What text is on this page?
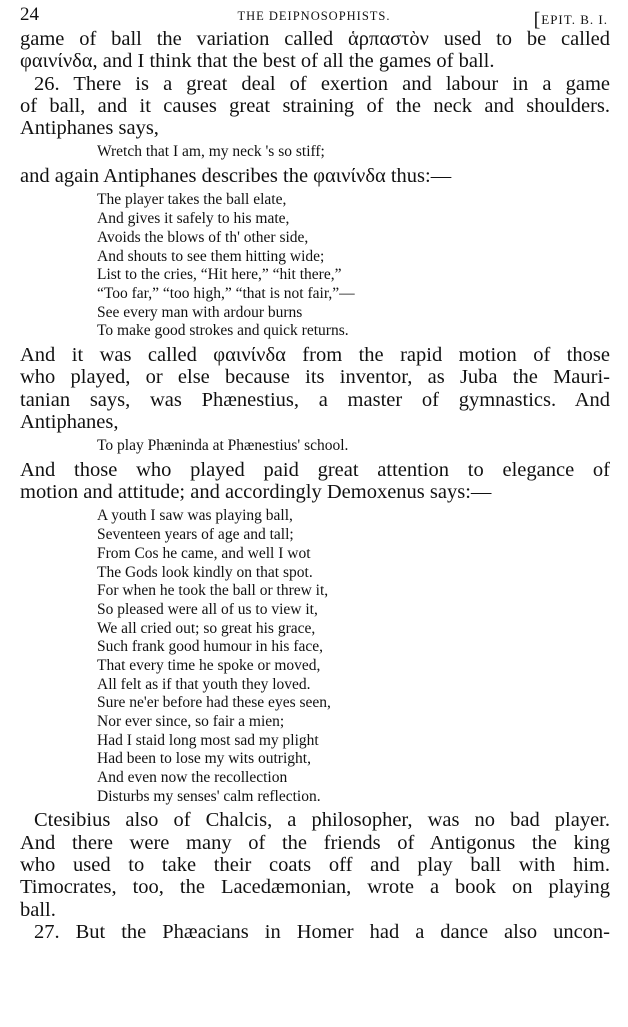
24	THE DEIPNOSOPHISTS.	[EPIT. B. I.
game of ball the variation called ἁρπαστὸν used to be called
φαινίνδα, and I think that the best of all the games of ball.
26. There is a great deal of exertion and labour in a game
of ball, and it causes great straining of the neck and shoulders.
Antiphanes says,
Wretch that I am, my neck 's so stiff;
and again Antiphanes describes the φαινίνδα thus:—
The player takes the ball elate,
And gives it safely to his mate,
Avoids the blows of th' other side,
And shouts to see them hitting wide;
List to the cries, “Hit here,” “hit there,”
“Too far,” “too high,” “that is not fair,”—
See every man with ardour burns
To make good strokes and quick returns.
And it was called φαινίνδα from the rapid motion of those
who played, or else because its inventor, as Juba the Mauri-
tanian says, was Phænestius, a master of gymnastics. And
Antiphanes,
To play Phæninda at Phænestius' school.
And those who played paid great attention to elegance of
motion and attitude; and accordingly Demoxenus says:—
A youth I saw was playing ball,
Seventeen years of age and tall;
From Cos he came, and well I wot
The Gods look kindly on that spot.
For when he took the ball or threw it,
So pleased were all of us to view it,
We all cried out; so great his grace,
Such frank good humour in his face,
That every time he spoke or moved,
All felt as if that youth they loved.
Sure ne'er before had these eyes seen,
Nor ever since, so fair a mien;
Had I staid long most sad my plight
Had been to lose my wits outright,
And even now the recollection
Disturbs my senses' calm reflection.
Ctesibius also of Chalcis, a philosopher, was no bad player.
And there were many of the friends of Antigonus the king
who used to take their coats off and play ball with him.
Timocrates, too, the Lacedæmonian, wrote a book on playing
ball.
27. But the Phæacians in Homer had a dance also uncon-
